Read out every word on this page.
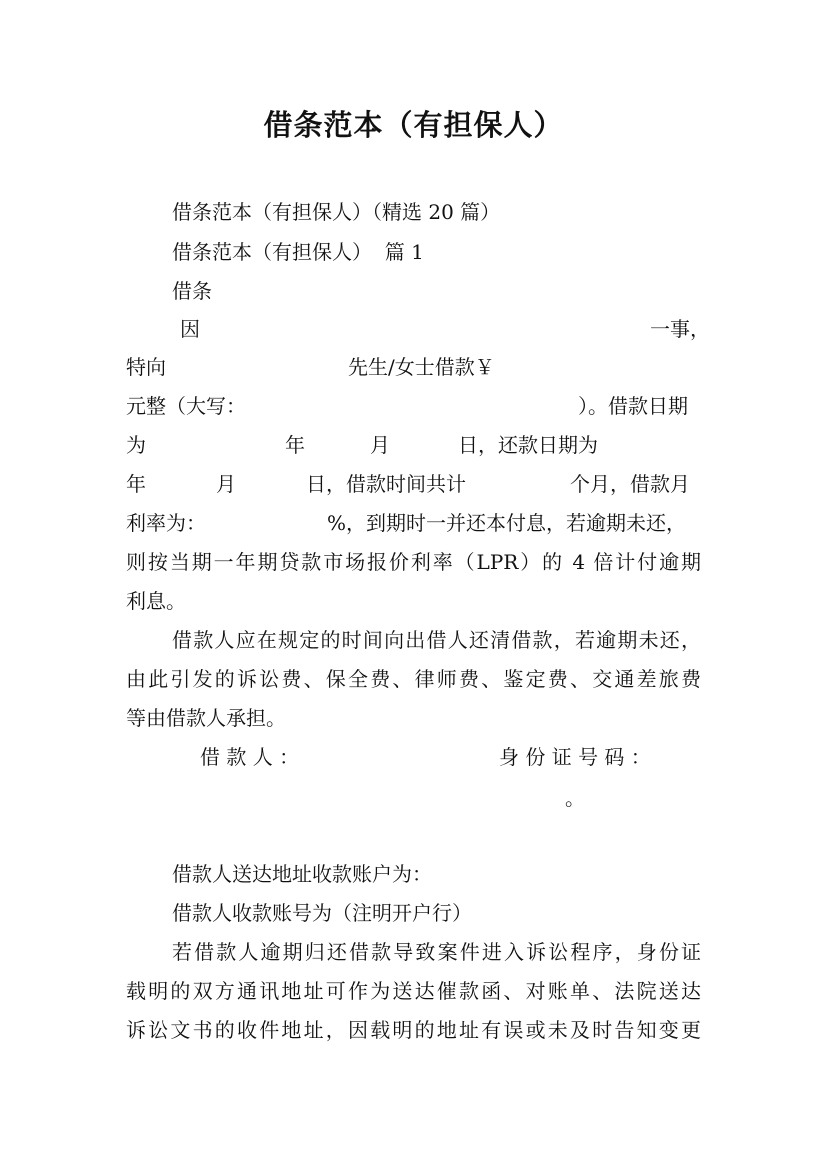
借条范本（有担保人）
借条范本（有担保人）（精选 20 篇）
借条范本（有担保人）  篇 1
借条
因	一事，
特向	先生/女士借款￥
元整（大写：	）。借款日期
为	年	月	日，还款日期为
年	月	日，借款时间共计	个月，借款月
利率为：	%，到期时一并还本付息，若逾期未还，
则按当期一年期贷款市场报价利率（LPR）的 4 倍计付逾期
利息。
借款人应在规定的时间向出借人还清借款，若逾期未还，
由此引发的诉讼费、保全费、律师费、鉴定费、交通差旅费
等由借款人承担。
借 款 人 ：	身 份 证 号 码 ：
。
借款人送达地址收款账户为：
借款人收款账号为（注明开户行）
若借款人逾期归还借款导致案件进入诉讼程序，身份证
载明的双方通讯地址可作为送达催款函、对账单、法院送达
诉讼文书的收件地址，因载明的地址有误或未及时告知变更
